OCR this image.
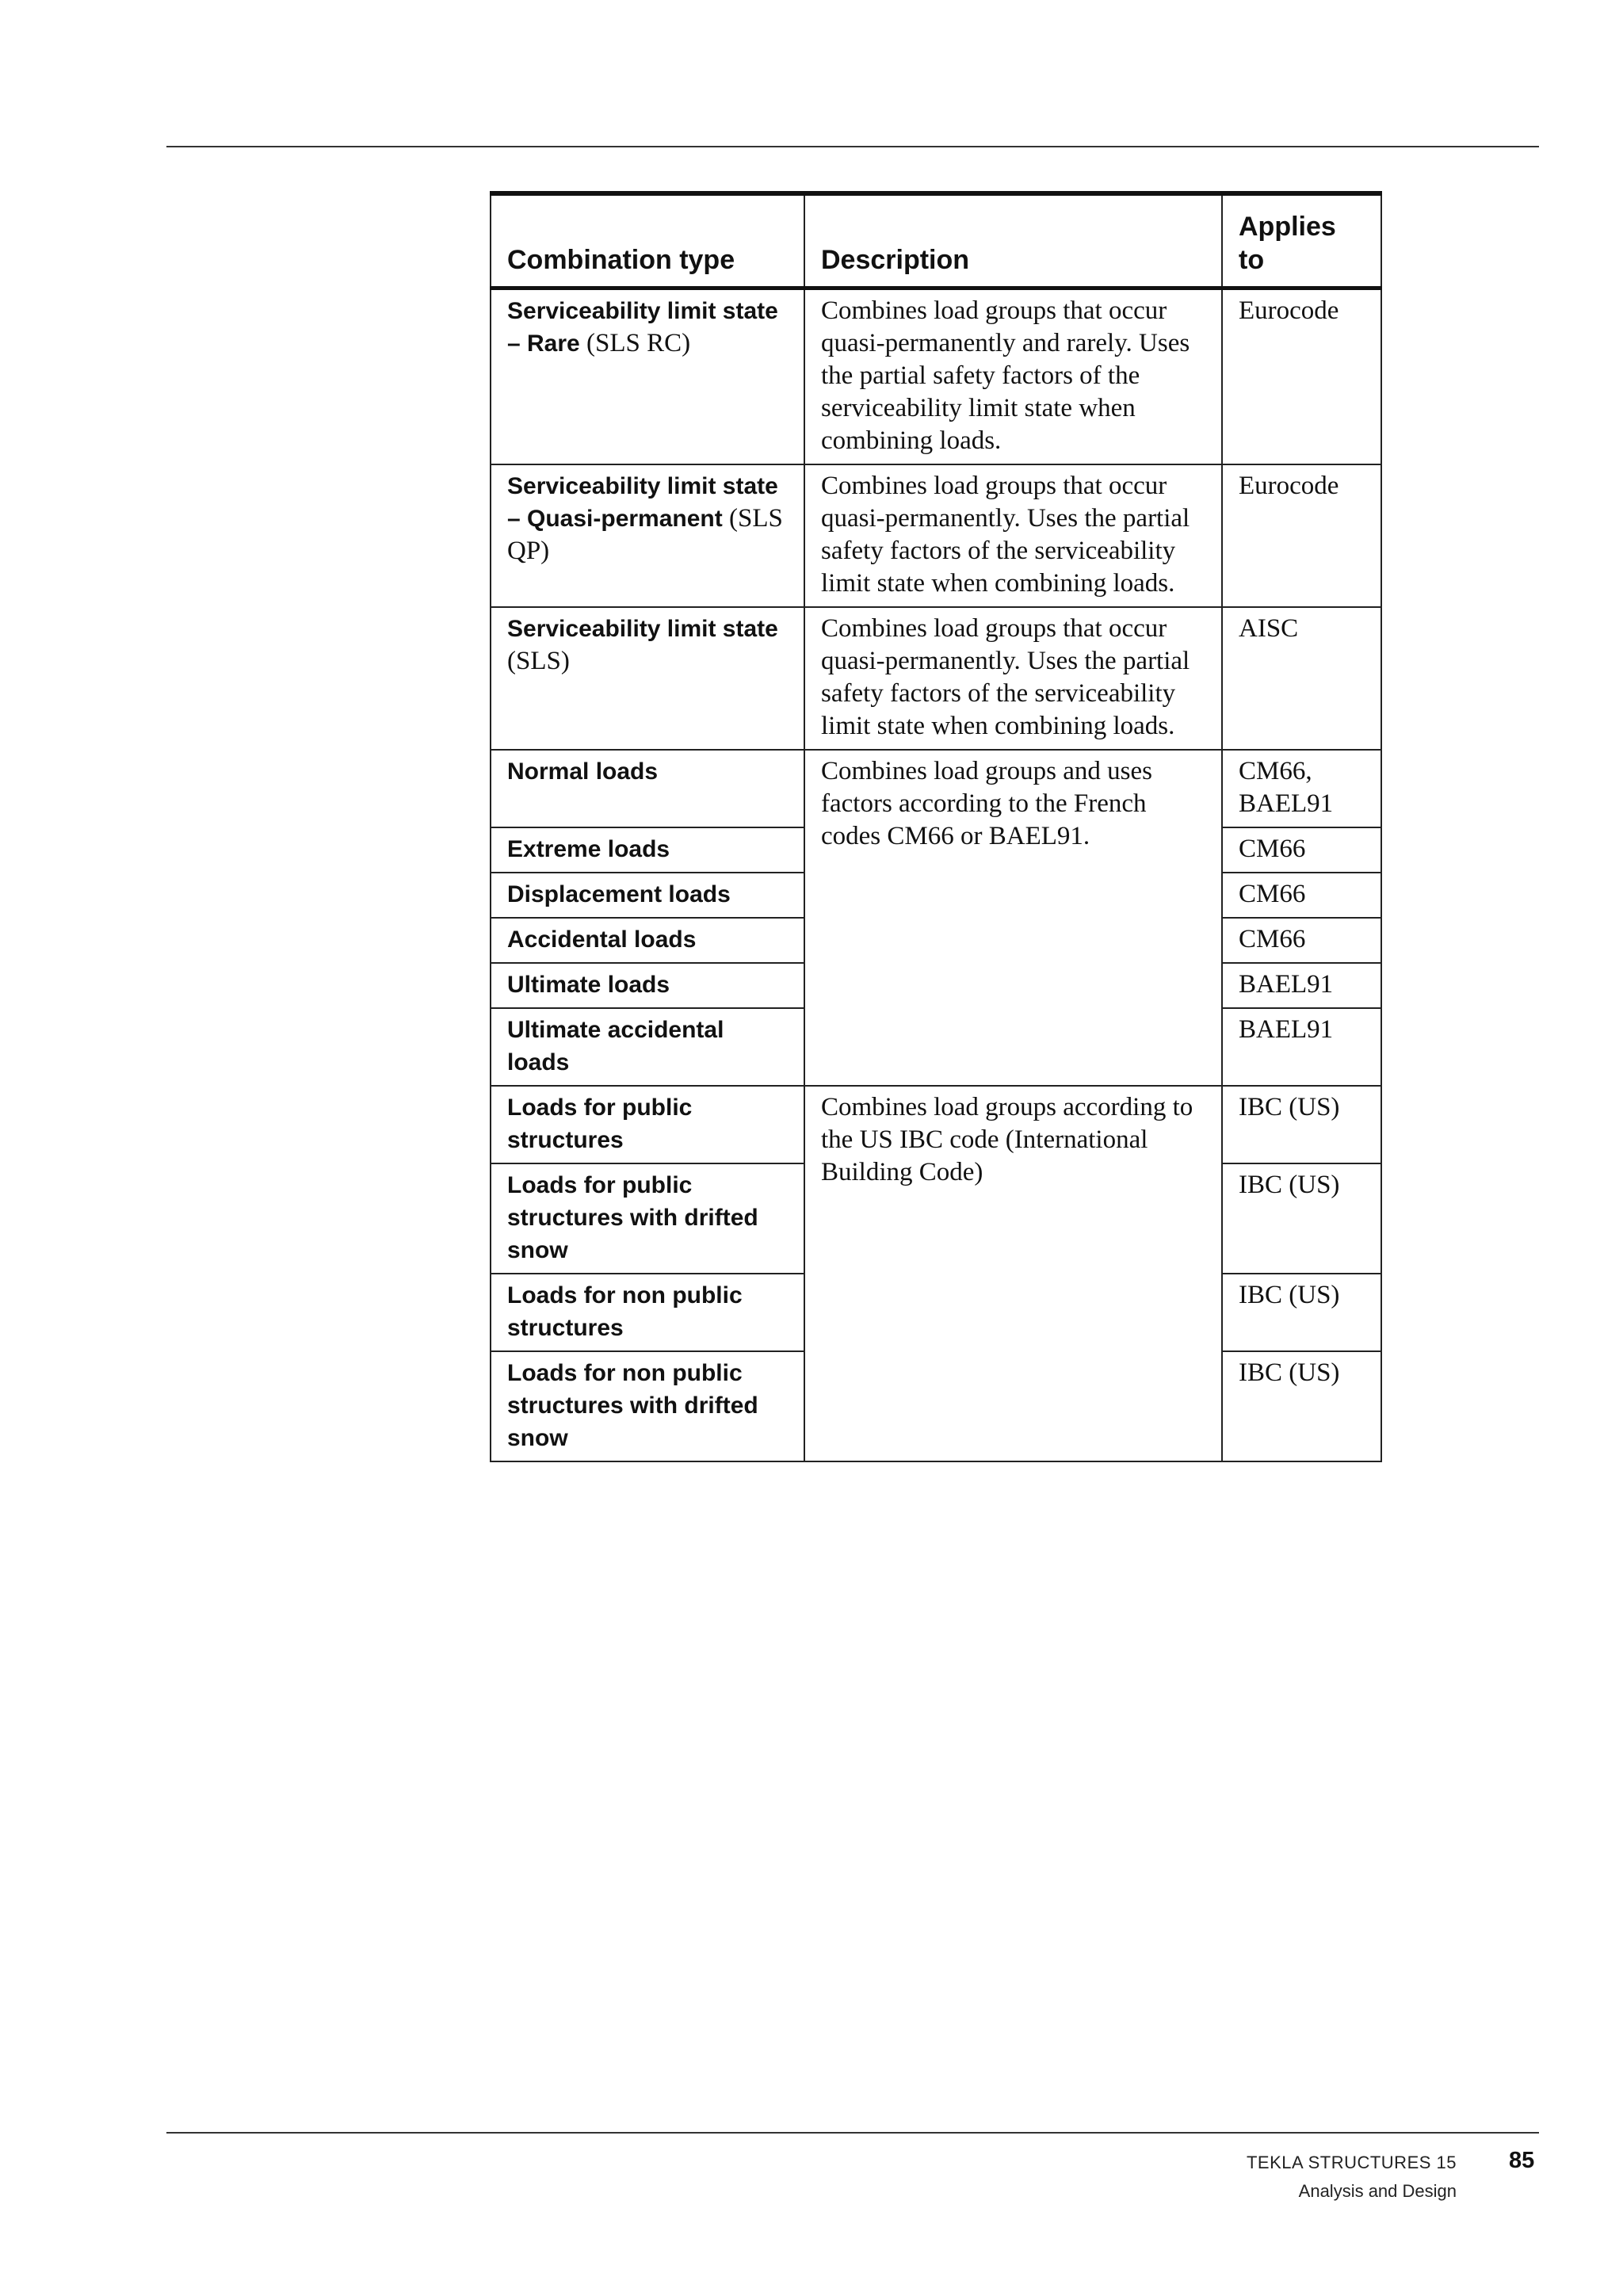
Combination type	Description	Applies to
Serviceability limit state – Rare (SLS RC)	Combines load groups that occur quasi-permanently and rarely. Uses the partial safety factors of the serviceability limit state when combining loads.	Eurocode
Serviceability limit state – Quasi-permanent (SLS QP)	Combines load groups that occur quasi-permanently. Uses the partial safety factors of the serviceability limit state when combining loads.	Eurocode
Serviceability limit state (SLS)	Combines load groups that occur quasi-permanently. Uses the partial safety factors of the serviceability limit state when combining loads.	AISC
Normal loads	Combines load groups and uses factors according to the French codes CM66 or BAEL91.	CM66, BAEL91
Extreme loads		CM66
Displacement loads		CM66
Accidental loads		CM66
Ultimate loads		BAEL91
Ultimate accidental loads		BAEL91
Loads for public structures	Combines load groups according to the US IBC code (International Building Code)	IBC (US)
Loads for public structures with drifted snow		IBC (US)
Loads for non public structures		IBC (US)
Loads for non public structures with drifted snow		IBC (US)
TEKLA STRUCTURES 15 85
Analysis and Design
